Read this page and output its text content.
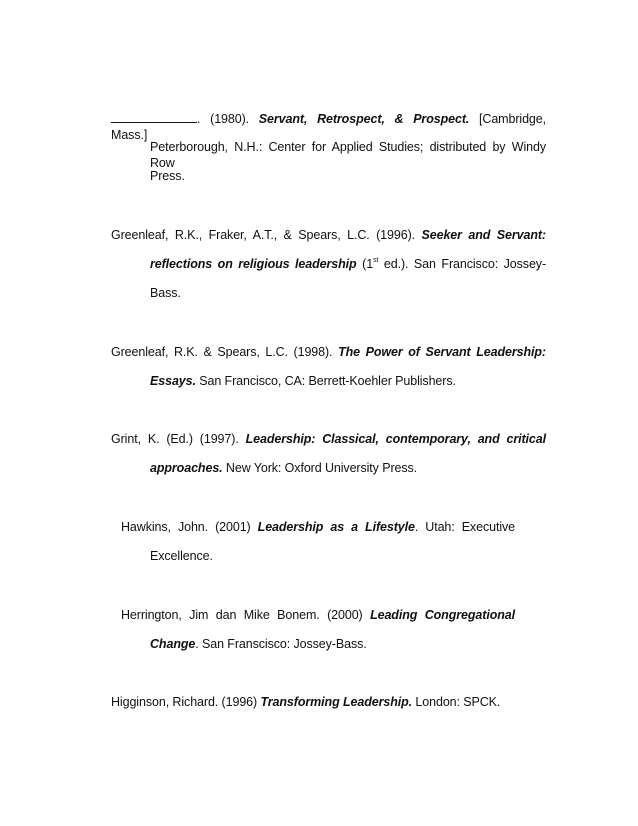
. (1980). Servant, Retrospect, & Prospect. [Cambridge, Mass.]
Peterborough, N.H.: Center for Applied Studies; distributed by Windy Row
Press.
Greenleaf, R.K., Fraker, A.T., & Spears, L.C. (1996). Seeker and Servant:
reflections on religious leadership (1st ed.). San Francisco: Jossey-
Bass.
Greenleaf, R.K. & Spears, L.C. (1998). The Power of Servant Leadership:
Essays. San Francisco, CA: Berrett-Koehler Publishers.
Grint, K. (Ed.) (1997). Leadership: Classical, contemporary, and critical
approaches. New York: Oxford University Press.
Hawkins, John. (2001) Leadership as a Lifestyle. Utah: Executive
Excellence.
Herrington, Jim dan Mike Bonem. (2000) Leading Congregational
Change. San Franscisco: Jossey-Bass.
Higginson, Richard. (1996) Transforming Leadership. London: SPCK.
